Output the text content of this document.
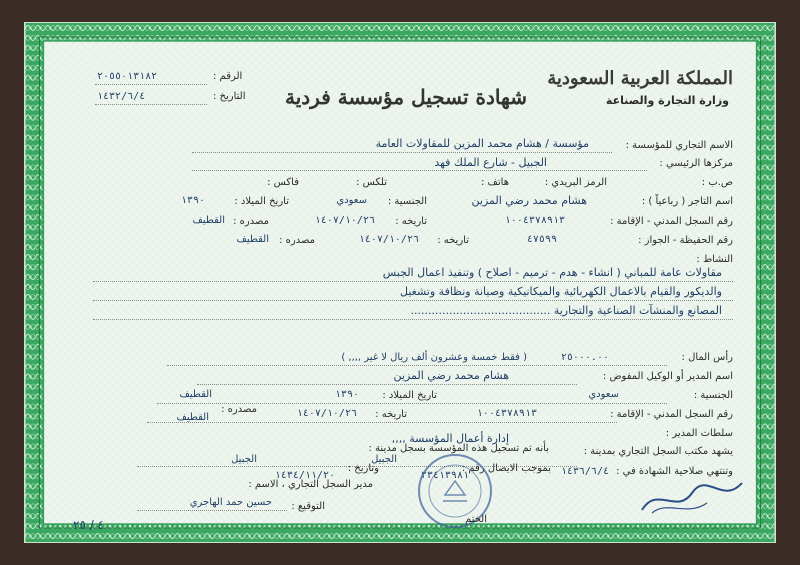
المملكة العربية السعودية
وزارة التجارة والصناعة
شهادة تسجيل مؤسسة فردية
الرقم :
٢٠٥٥٠١٣١٨٢
التاريخ :
١٤٣٢/٦/٤
الاسم التجاري للمؤسسة :
مؤسسة / هشام محمد المزين للمقاولات العامة
مركزها الرئيسي :
الجبيل - شارع الملك فهد
ص.ب :
الرمز البريدي :
هاتف :
تلكس :
فاكس :
اسم التاجر ( رباعياً ) :
هشام محمد رضي المزين
الجنسية :
سعودي
تاريخ الميلاد :
١٣٩٠
رقم السجل المدني - الإقامة :
١٠٠٤٣٧٨٩١٣
تاريخه :
١٤٠٧/١٠/٢٦
مصدره :
القطيف
رقم الحفيظة - الجواز :
٤٧٥٩٩
تاريخه :
١٤٠٧/١٠/٢٦
مصدره :
القطيف
النشاط :
مقاولات عامة للمباني ( انشاء - هدم - ترميم - اصلاح ) وتنفيذ اعمال الجبس
والديكور والقيام بالاعمال الكهربائية والميكانيكية وصيانة ونظافة وتشغيل
المصانع والمنشآت الصناعية والتجارية ........................................
رأس المال :
٢٥٠٠٠.٠٠
( فقط خمسة وعشرون ألف ريال لا غير ,,,, )
اسم المدير أو الوكيل المفوض :
هشام محمد رضي المزين
الجنسية :
سعودي
تاريخ الميلاد :
١٣٩٠
القطيف
رقم السجل المدني - الإقامة :
١٠٠٤٣٧٨٩١٣
تاريخه :
١٤٠٧/١٠/٢٦
مصدره :
القطيف
سلطات المدير :
إدارة أعمال المؤسسة ,,,,
يشهد مكتب السجل التجاري بمدينة :
بأنه تم تسجيل هذه المؤسسة بسجل مدينة :
الجبيل
الجبيل
وتنتهي صلاحية الشهادة في :
١٤٣٦/٦/٤
بموجب الايصال رقم :
٢٣٤١٣٩٨١
وتاريخ :
١٤٣٤/١١/٢٠
مدير السجل التجاري ، الاسم :
حسين حمد الهاجري التوقيع :
الختم
٤ / ٢٥
